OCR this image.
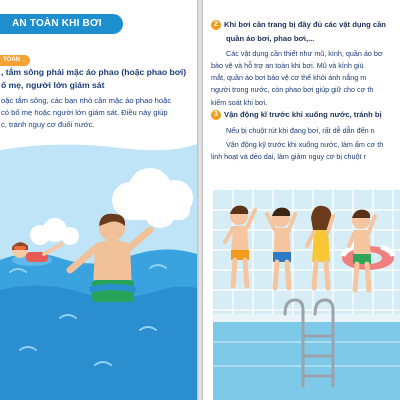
AN TOÀN KHI BƠI
TOÀN
, tắm sông phải mặc áo phao (hoặc phao bơi)
ố mẹ, người lớn giám sát
oặc tắm sông, các bạn nhỏ cần mặc áo phao hoặc
có bố mẹ hoặc người lớn giám sát. Điều này giúp
c, tránh nguy cơ đuối nước.
2 Khi bơi cần trang bị đầy đủ các vật dụng cần
quần áo bơi, phao bơi,...
Các vật dụng cần thiết như mũ, kính, quần áo bơ
bảo vệ và hỗ trợ an toàn khi bơi. Mũ và kính giú
mắt, quần áo bơi bảo vệ cơ thể khỏi ánh nắng m
người trong nước, còn phao bơi giúp giữ cho cơ th
kiểm soát khi bơi.
3 Vận động kĩ trước khi xuống nước, tránh bị
Nếu bị chuột rút khi đang bơi, rất dễ dẫn đến n
Vận động kỹ trước khi xuống nước, làm ấm cơ th
linh hoạt và dẻo dai, làm giảm nguy cơ bị chuột r
